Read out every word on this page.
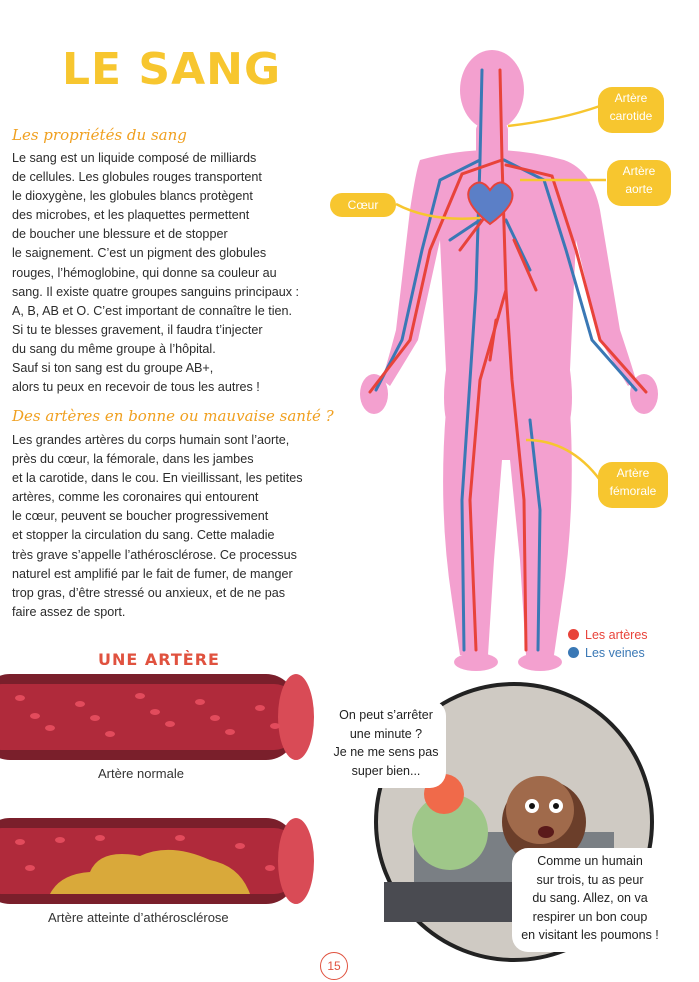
LE SANG
Les propriétés du sang

Le sang est un liquide composé de milliards

de cellules. Les globules rouges transportent

le dioxygène, les globules blancs protègent

des microbes, et les plaquettes permettent

de boucher une blessure et de stopper

le saignement. C’est un pigment des globules

rouges, l’hémoglobine, qui donne sa couleur au

sang. Il existe quatre groupes sanguins principaux :

A, B, AB et O. C’est important de connaître le tien.

Si tu te blesses gravement, il faudra t’injecter

du sang du même groupe à l’hôpital.

Sauf si ton sang est du groupe AB+,

alors tu peux en recevoir de tous les autres !

Des artères en bonne ou mauvaise santé ?

Les grandes artères du corps humain sont l’aorte,

près du cœur, la fémorale, dans les jambes

et la carotide, dans le cou. En vieillissant, les petites

artères, comme les coronaires qui entourent

le cœur, peuvent se boucher progressivement

et stopper la circulation du sang. Cette maladie

très grave s’appelle l’athérosclérose. Ce processus

naturel est amplifié par le fait de fumer, de manger

trop gras, d’être stressé ou anxieux, et de ne pas

faire assez de sport.

Artère
carotide
Artère
aorte
Cœur
Artère
fémorale
Les artères
Les veines
UNE ARTÈRE
Artère normale
Artère atteinte d’athérosclérose
On peut s’arrêter
une minute ?
Je ne me sens pas
super bien...
Comme un humain
sur trois, tu as peur
du sang. Allez, on va
respirer un bon coup
en visitant les poumons !
15
